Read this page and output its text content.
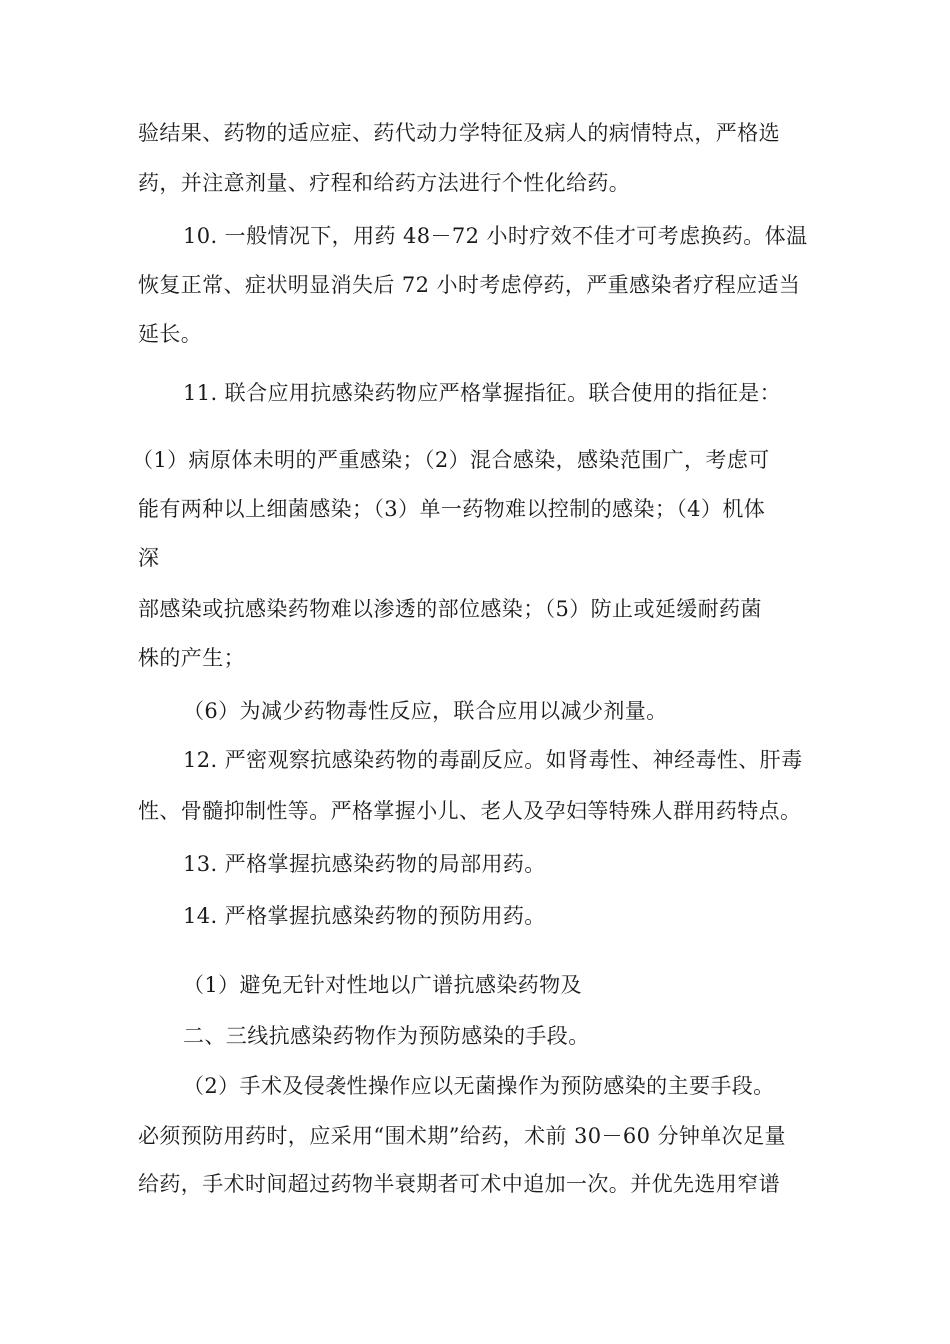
验结果、药物的适应症、药代动力学特征及病人的病情特点，严格选
药，并注意剂量、疗程和给药方法进行个性化给药。
10. 一般情况下，用药 48－72 小时疗效不佳才可考虑换药。体温
恢复正常、症状明显消失后 72 小时考虑停药，严重感染者疗程应适当
延长。
11. 联合应用抗感染药物应严格掌握指征。联合使用的指征是：
（1）病原体未明的严重感染；（2）混合感染，感染范围广，考虑可
能有两种以上细菌感染；（3）单一药物难以控制的感染；（4）机体
深
部感染或抗感染药物难以渗透的部位感染；（5）防止或延缓耐药菌
株的产生；
（6）为减少药物毒性反应，联合应用以减少剂量。
12. 严密观察抗感染药物的毒副反应。如肾毒性、神经毒性、肝毒
性、骨髓抑制性等。严格掌握小儿、老人及孕妇等特殊人群用药特点。
13. 严格掌握抗感染药物的局部用药。
14. 严格掌握抗感染药物的预防用药。
（1）避免无针对性地以广谱抗感染药物及
二、三线抗感染药物作为预防感染的手段。
（2）手术及侵袭性操作应以无菌操作为预防感染的主要手段。
必须预防用药时，应采用“围术期”给药，术前 30－60 分钟单次足量
给药，手术时间超过药物半衰期者可术中追加一次。并优先选用窄谱
